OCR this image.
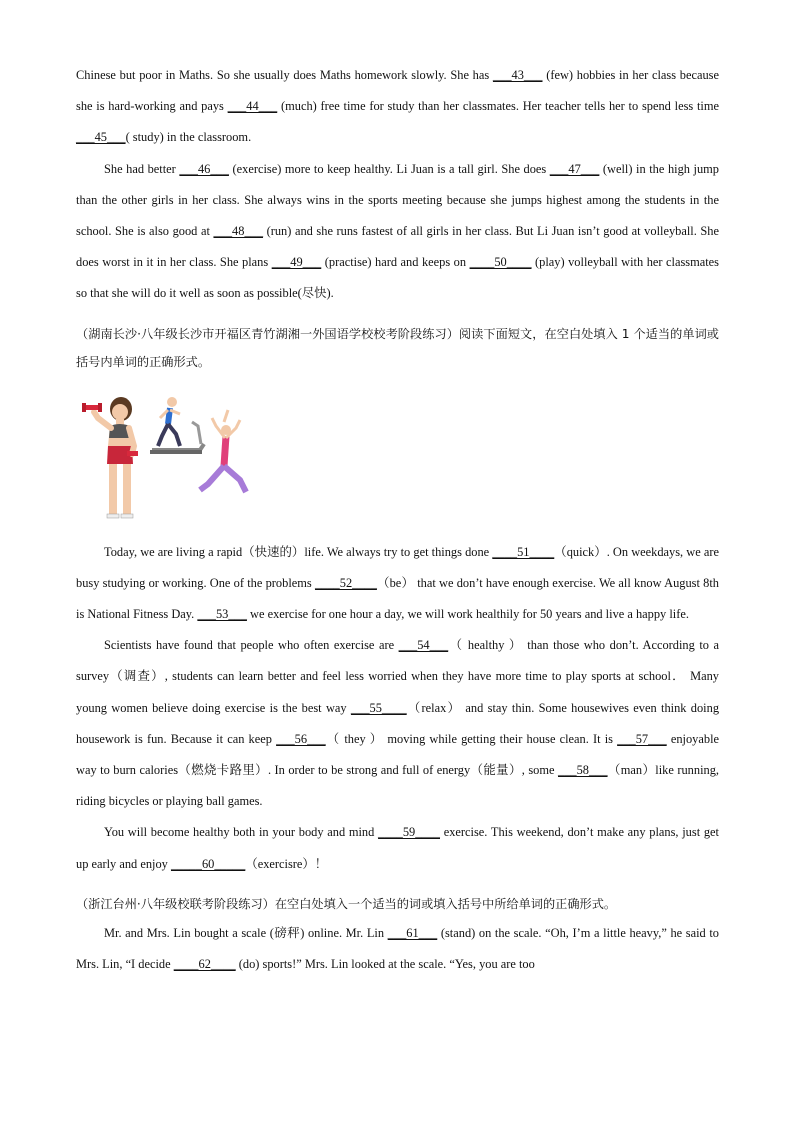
Chinese but poor in Maths. So she usually does Maths homework slowly. She has ___43___ (few) hobbies in her class because she is hard-working and pays ___44___ (much) free time for study than her classmates. Her teacher tells her to spend less time ___45___( study) in the classroom.

She had better ___46___ (exercise) more to keep healthy. Li Juan is a tall girl. She does ___47___ (well) in the high jump than the other girls in her class. She always wins in the sports meeting because she jumps highest among the students in the school. She is also good at ___48___ (run) and she runs fastest of all girls in her class. But Li Juan isn’t good at volleyball. She does worst in it in her class. She plans ___49___ (practise) hard and keeps on ____50____ (play) volleyball with her classmates so that she will do it well as soon as possible(尽快).

（湖南长沙·八年级长沙市开福区青竹湖湘一外国语学校校考阶段练习）阅读下面短文，在空白处填入 1 个适当的单词或括号内单词的正确形式。

Today, we are living a rapid（快速的）life. We always try to get things done ____51____（quick）. On weekdays, we are busy studying or working. One of the problems ____52____（be） that we don’t have enough exercise. We all know August 8th is National Fitness Day. ___53___ we exercise for one hour a day, we will work healthily for 50 years and live a happy life.

Scientists have found that people who often exercise are ___54___（ healthy ） than those who don’t. According to a survey（调查）, students can learn better and feel less worried when they have more time to play sports at school． Many young women believe doing exercise is the best way ___55____（relax） and stay thin. Some housewives even think doing housework is fun. Because it can keep ___56___（ they ） moving while getting their house clean. It is ___57___ enjoyable way to burn calories（燃烧卡路里）. In order to be strong and full of energy（能量）, some ___58___（man）like running, riding bicycles or playing ball games.

You will become healthy both in your body and mind ____59____ exercise. This weekend, don’t make any plans, just get up early and enjoy _____60_____（exercisre）！

（浙江台州·八年级校联考阶段练习）在空白处填入一个适当的词或填入括号中所给单词的正确形式。

Mr. and Mrs. Lin bought a scale (磅秤) online. Mr. Lin ___61___ (stand) on the scale. “Oh, I’m a little heavy,” he said to Mrs. Lin, “I decide ____62____ (do) sports!” Mrs. Lin looked at the scale. “Yes, you are too
